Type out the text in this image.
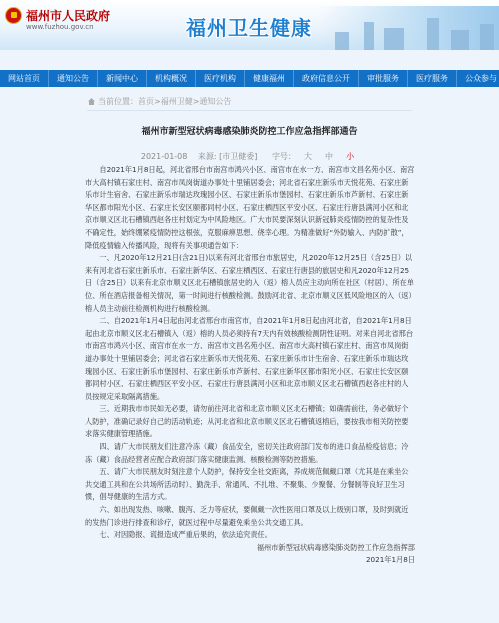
福州市人民政府
www.fuzhou.gov.cn	福州卫生健康
网站首页	通知公告	新闻中心	机构概况	医疗机构	健康福州	政府信息公开	审批服务	医疗服务	公众参与
当前位置：首页>福州卫健>通知公告
福州市新型冠状病毒感染肺炎防控工作应急指挥部通告
2021-01-08 来源: [市卫健委] 字号： 大 中 小

自2021年1月8日起，河北省邢台市南宫市鸿兴小区、南宫市在水一方、南宫市文昌名苑小区、南宫市大高村镇石家庄村、南宫市凤岗街道办事处十里铺居委会；河北省石家庄新乐市天悦花苑、石家庄新乐市计生宿舍、石家庄新乐市瑞达玫瑰园小区、石家庄新乐市堡园村、石家庄新乐市芦新村、石家庄新华区都市阳光小区、石家庄长安区颐都同村小区、石家庄栖西区平安小区、石家庄行唐县满河小区和北京市顺义区北石槽镇西赵各庄村划定为中风险地区。广大市民要深刻认识新冠肺炎疫情防控的复杂性及不确定性，始终绷紧疫情防控这根弦，克服麻痹思想、侥幸心理。为精准做好“外防输入、内防扩散”，降低疫情输入传播风险，现将有关事项通告如下：

一、凡2020年12月21日(含21日)以来有河北省邢台市旅居史，凡2020年12月25日（含25日）以来有河北省石家庄新乐市、石家庄新华区、石家庄栖西区、石家庄行唐县的旅居史和凡2020年12月25日（含25日）以来有北京市顺义区北石槽镇旅居史的入（返）榕人员应主动向所在社区（村居）、所在单位、所在酒店报备相关情况，第一时间进行核酸检测。鼓励河北省、北京市顺义区低风险地区的入（返）榕人员主动前往检测机构进行核酸检测。

二、自2021年1月4日起由河北省邢台市南宫市，自2021年1月8日起由河北省，自2021年1月8日起由北京市顺义区北石槽镇入（返）榕的人员必须持有7天内有效核酸检测阴性证明。对来自河北省邢台市南宫市鸿兴小区、南宫市在水一方、南宫市文昌名苑小区、南宫市大高村镇石家庄村、南宫市凤岗街道办事处十里铺居委会；河北省石家庄新乐市天悦花苑、石家庄新乐市计生宿舍、石家庄新乐市瑞达玫瑰园小区、石家庄新乐市堡园村、石家庄新乐市芦新村、石家庄新华区都市阳光小区、石家庄长安区颐都同村小区、石家庄栖西区平安小区、石家庄行唐县满河小区和北京市顺义区北石槽镇西赵各庄村的人员按规定采取隔离措施。

三、近期我市市民如无必要，请勿前往河北省和北京市顺义区北石槽镇；如确需前往，务必做好个人防护，准确记录好自己的活动轨迹；从河北省和北京市顺义区北石槽镇返榕后，要按我市相关防控要求落实健康管理措施。

四、请广大市民朋友们注意冷冻（藏）食品安全，密切关注政府部门发布的进口食品检疫信息；冷冻（藏）食品经营者应配合政府部门落实健康监测、核酸检测等防控措施。

五、请广大市民朋友时刻注意个人防护，保持安全社交距离，养成规范佩戴口罩（尤其是在乘坐公共交通工具和在公共场所活动时）、勤洗手、常通风、不扎堆、不聚集、少聚餐、分餐制等良好卫生习惯，倡导健康的生活方式。

六、如出现发热、咳嗽、腹泻、乏力等症状，要佩戴一次性医用口罩及以上级别口罩，及时到就近的发热门诊进行排查和诊疗，就医过程中尽量避免乘坐公共交通工具。

七、对因隐报、谎报造成严重后果的，依法追究责任。

福州市新型冠状病毒感染肺炎防控工作应急指挥部
2021年1月8日
